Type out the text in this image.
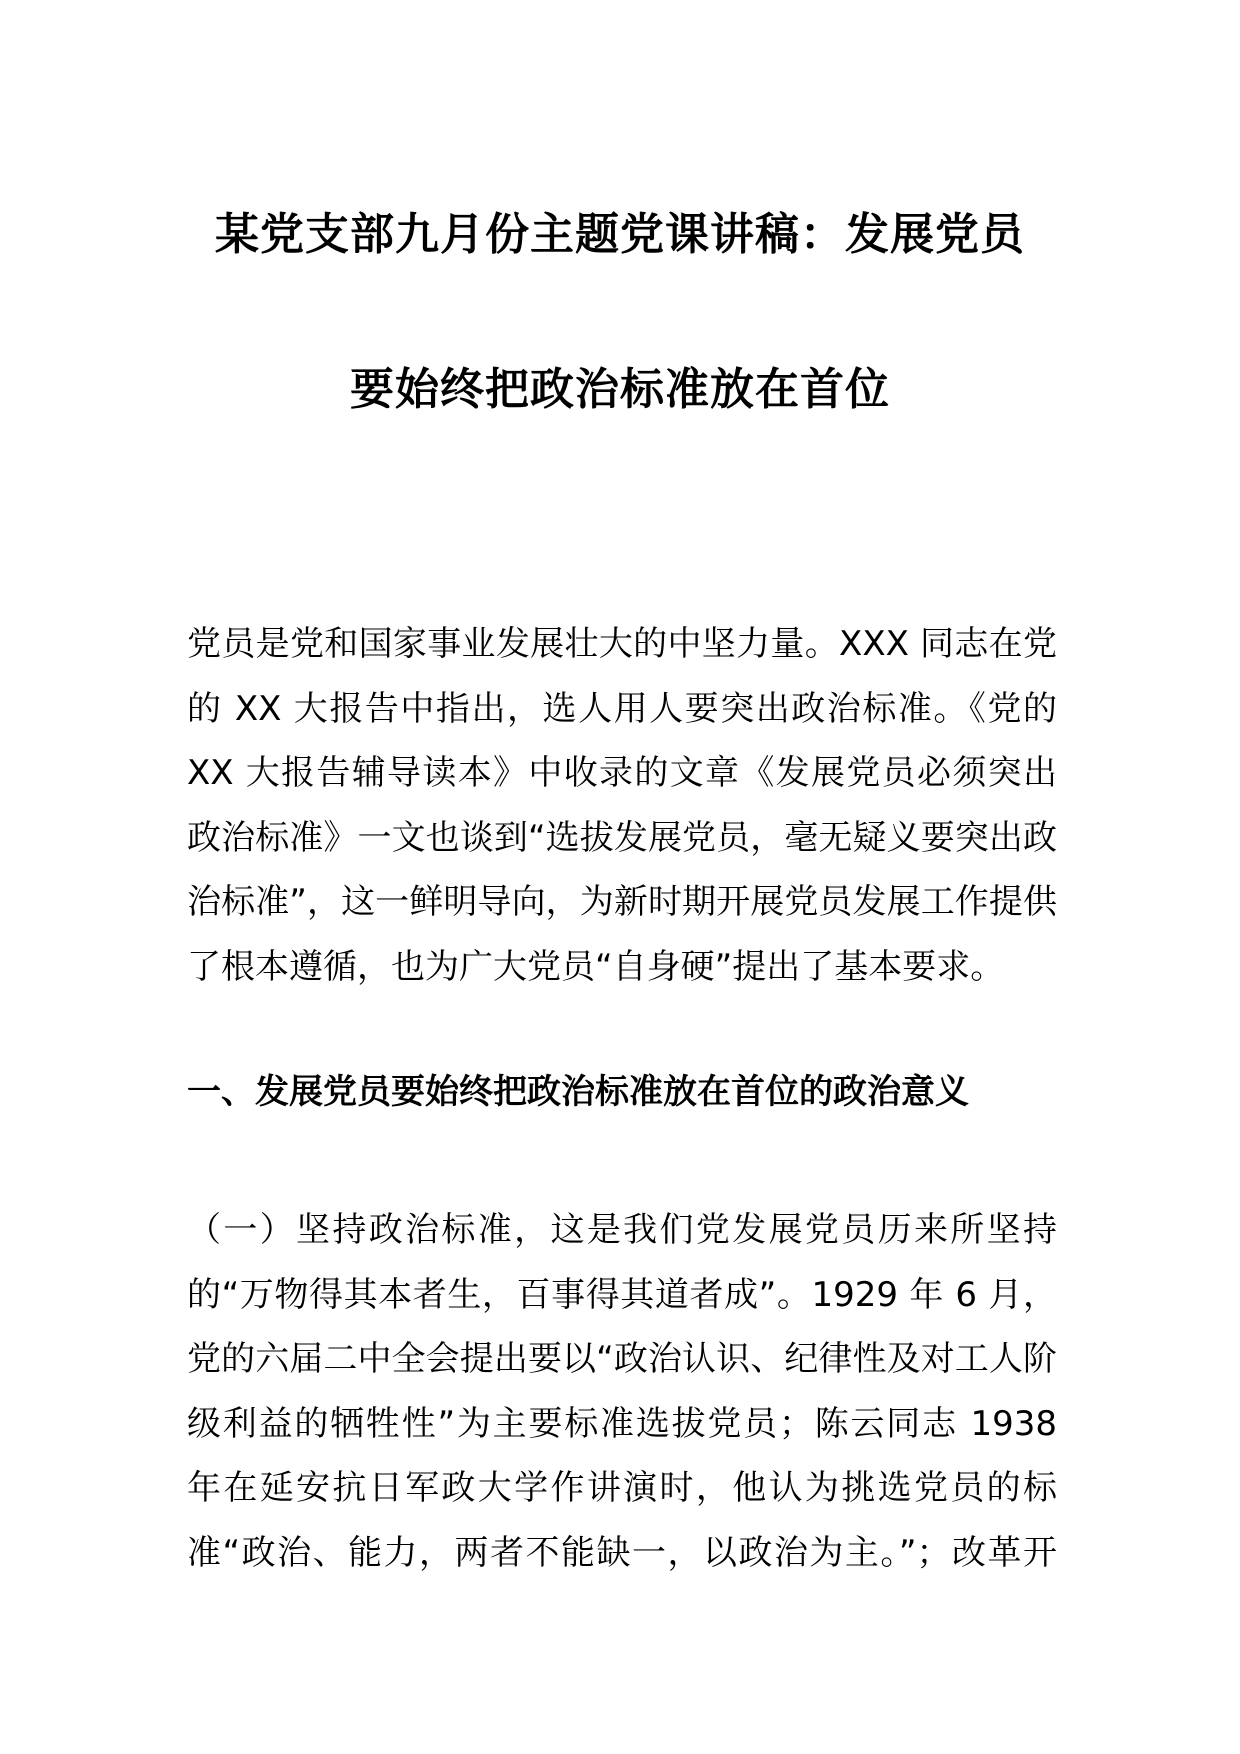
某党支部九月份主题党课讲稿：发展党员
要始终把政治标准放在首位

党员是党和国家事业发展壮大的中坚力量。XXX 同志在党的 XX 大报告中指出，选人用人要突出政治标准。《党的 XX 大报告辅导读本》中收录的文章《发展党员必须突出政治标准》一文也谈到“选拔发展党员，毫无疑义要突出政治标准”，这一鲜明导向，为新时期开展党员发展工作提供了根本遵循，也为广大党员“自身硬”提出了基本要求。

一、发展党员要始终把政治标准放在首位的政治意义

（一）坚持政治标准，这是我们党发展党员历来所坚持的“万物得其本者生，百事得其道者成”。1929 年 6 月，党的六届二中全会提出要以“政治认识、纪律性及对工人阶级利益的牺牲性”为主要标准选拔党员；陈云同志 1938 年在延安抗日军政大学作讲演时，他认为挑选党员的标准“政治、能力，两者不能缺一，以政治为主。”；改革开
